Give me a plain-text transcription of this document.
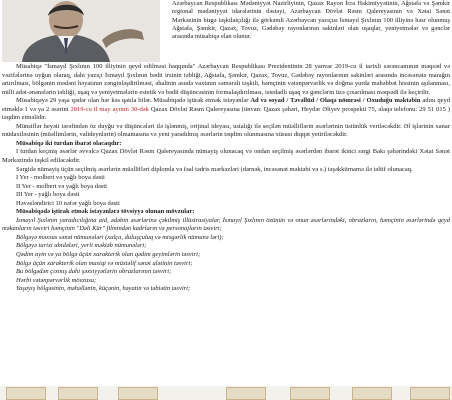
Azərbaycan Respublikası Mədəniyyət Nazirliyinin, Qazax Rayon İcra Hakimiyyətinin, Ağstafa və Şəmkir regional mədəniyyət idarələrinin dəstəyi, Azərbaycan Dövlət Rəsm Qalereyasının və Xətai Sənət Mərkəzinin birgə təşkilatçılığı ilə görkəmli Azərbaycan yazıçısı İsmayıl Şıxlının 100 illiyinə həsr olunmuş Ağstafa, Şəmkir, Qazax, Tovuz, Gədəbəy rayonlarının sakinləri olan uşaqlar, yeniyetmələr və gənclər arasında müsabiqə elan olunur.

Müsabiqə "İsmayıl Şıxlının 100 illiyinin qeyd edilməsi haqqında" Azərbaycan Respublikası Prezidentinin 28 yanvar 2019-cu il tarixli sərəncamının məqsəd və vəzifələrinə uyğun olaraq, dahi yazıçı İsmayıl Şıxlının bədii irsinin təbliği, Ağstafa, Şəmkir, Qazax, Tovuz, Gədəbəy rayonlarının sakinləri arasında incəsənətə marağın artırılması, bölgənin mədəni həyatının zənginləşdirilməsi, əhalinin asudə vaxtının səmərəli təşkili, həmçinin vətənpərvərlik və doğma yurda məhəbbət hissinin aşılanması, milli adət-ənənələrin təbliği, uşaq və yeniyetmələrin estetik və bədii düşüncəsinin formalaşdırılması, istedadlı uşaq və gənclərin üzə çıxarılması məqsədi ilə keçirilir.

Müsabiqəyə 29 yaşa qədər olan hər kəs qatıla bilər. Müsabiqədə iştirak etmək istəyənlər Ad və soyad / Təvəllüd / Olaqə nömrəsi / Oxuduğu məktəbin adını qeyd etməklə 1 və ya 2 əsərini 2019-cu il may ayının 30-dək Qazax Dövlət Rəsm Qalereyasına (ünvan: Qazax şəhəri, Heydər Əliyev prospekti 75, əlaqə telefonu: 29 51 015 ) təqdim etməlidir.

Münsiflər heyəti tərəfindən öz duyğu və düşüncələri ilə işlənmiş, orijinal ideyası, ustalığı ilə seçilən müəlliflərin əsərlərinin üstünlük veriləcəkdir. Əl işlərinin xanar müdaxiləsinin (müəllimlərin, valideynlərin) olmamasına və yeni yaradılmış əsərlərin təqdim olunmasına xüsusi diqqət yetiriləcəkdir.

Müsabiqə iki turdan ibarət olacaqdır:

I turdan keçmiş əsərlər əvvəlcə Qazax Dövlət Rəsm Qalereyasında nümayiş olunacaq və ondan seçilmiş əsərlərdən ibarət ikinci sərgi Bakı şəhərindəki Xətai Sənət Mərkəzində təşkil ediləcəkdir.

Sərgidə nümayiş üçün seçilmiş əsərlərin müəllifləri diplomla və fəal tədris mərkəzləri (dərnək, incəsənət məktəbi və s.) təşəkkürnamə ilə təltif olunacaq.

I Yer - molbert və yağlı boya dəsti

II Yer - molbert və yağlı boya dəsti

III Yer - yağlı boya dəsti

Həvəsləndirici 10 nəfər yağlı boya dəsti

Müsabiqədə iştirak etmək istəyənlərə tövsiyyə olunan mövzular:

İsmayıl Şıxlının yaradıcılığına aid, ədəbin əsərlərinə çəkilmiş illüstrasiyalar, İsmayıl Şıxlının özünün və onun əsərlərindəki, obrazların, həmçinin əsərlərində qeyd məkanların təsviri həmçinin "Dəli Kür" filmindən kadrların və personajların təsviri;

Bölgəyə məxsus sənət nümunələri (xalça, duluşçuluq və misgərlik nümunə ləri);

Bölgəyə tarixi abidələri, yerli məktəb nümunələri;

Qədim ayin və ya bölgə üçün xarakterik olan qədim geyimlərin təsviri;

Bölgə üçün xarakterik olan musiqi və müxtəlif sənət alətinin təsviri;

Bu bölgədən çıxmış dahi şəxsiyyətlərin obrazlarının təsviri;

Hərbi vətənpərvərlik mövzusu;

Yaşayış bölgəsinin, məhəllənin, küçənin, həyatın və təbiətin təsviri;
